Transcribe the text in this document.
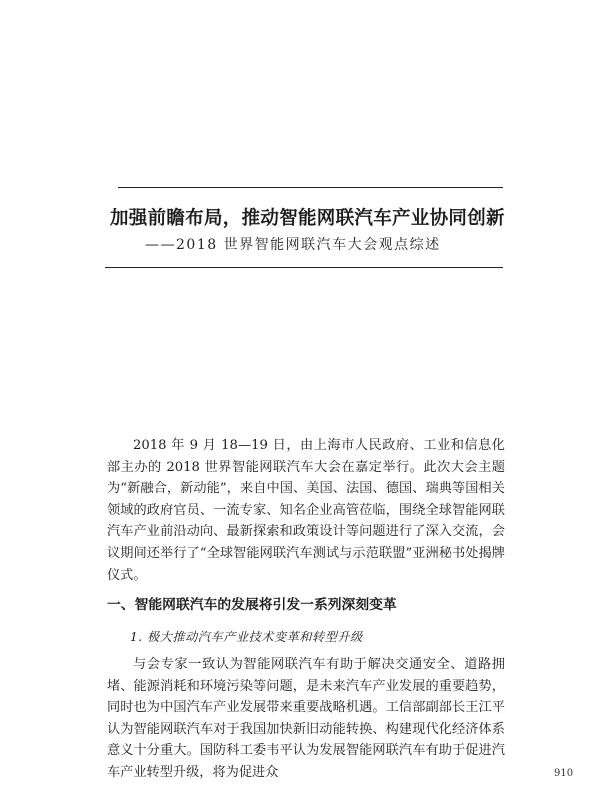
加强前瞻布局，推动智能网联汽车产业协同创新
——2018 世界智能网联汽车大会观点综述

2018 年 9 月 18—19 日，由上海市人民政府、工业和信息化部主办的 2018 世界智能网联汽车大会在嘉定举行。此次大会主题为“新融合，新动能”，来自中国、美国、法国、德国、瑞典等国相关领域的政府官员、一流专家、知名企业高管莅临，围绕全球智能网联汽车产业前沿动向、最新探索和政策设计等问题进行了深入交流，会议期间还举行了“全球智能网联汽车测试与示范联盟”亚洲秘书处揭牌仪式。

一、智能网联汽车的发展将引发一系列深刻变革
1. 极大推动汽车产业技术变革和转型升级

与会专家一致认为智能网联汽车有助于解决交通安全、道路拥堵、能源消耗和环境污染等问题，是未来汽车产业发展的重要趋势，同时也为中国汽车产业发展带来重要战略机遇。工信部副部长王江平认为智能网联汽车对于我国加快新旧动能转换、构建现代化经济体系意义十分重大。国防科工委韦平认为发展智能网联汽车有助于促进汽车产业转型升级，将为促进众	910
